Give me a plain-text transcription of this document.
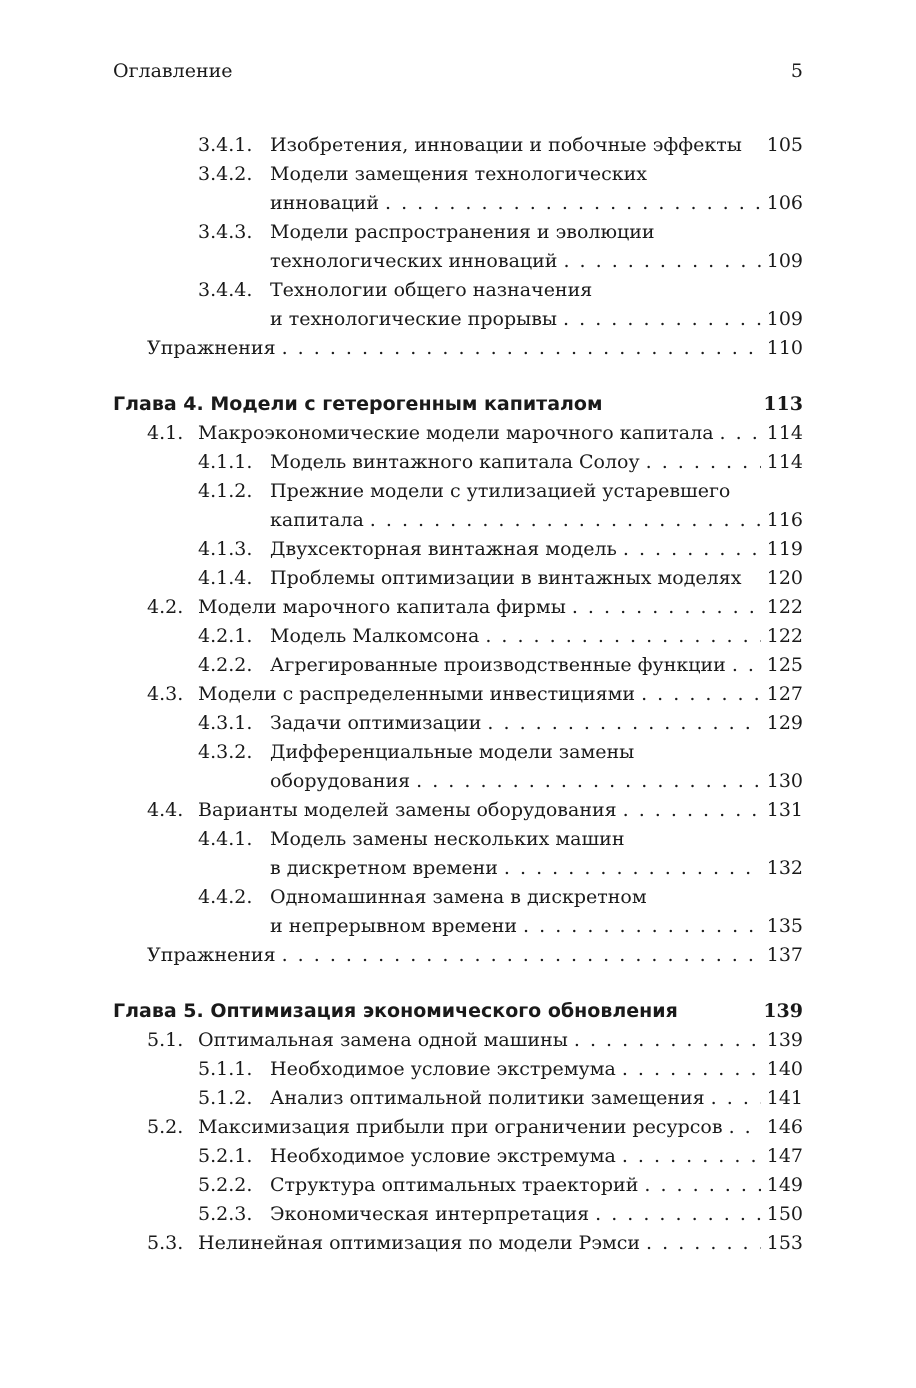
Оглавление	5
3.4.1. Изобретения, инновации и побочные эффекты 105
3.4.2. Модели замещения технологических
инноваций . . .	106
3.4.3. Модели распространения и эволюции
технологических инноваций . . .	109
3.4.4. Технологии общего назначения
и технологические прорывы . . .	109
Упражнения . . .	110
Глава 4. Модели с гетерогенным капиталом	113
4.1. Макроэкономические модели марочного капитала . . .	114
4.1.1. Модель винтажного капитала Солоу . . .	114
4.1.2. Прежние модели с утилизацией устаревшего
капитала . . .	116
4.1.3. Двухсекторная винтажная модель . . .	119
4.1.4. Проблемы оптимизации в винтажных моделях 120
4.2. Модели марочного капитала фирмы . . .	122
4.2.1. Модель Малкомсона . . .	122
4.2.2. Агрегированные производственные функции . . . 125
4.3. Модели с распределенными инвестициями . . .	127
4.3.1. Задачи оптимизации . . .	129
4.3.2. Дифференциальные модели замены
оборудования . . .	130
4.4. Варианты моделей замены оборудования . . .	131
4.4.1. Модель замены нескольких машин
в дискретном времени . . .	132
4.4.2. Одномашинная замена в дискретном
и непрерывном времени . . .	135
Упражнения . . .	137
Глава 5. Оптимизация экономического обновления	139
5.1. Оптимальная замена одной машины . . .	139
5.1.1. Необходимое условие экстремума . . .	140
5.1.2. Анализ оптимальной политики замещения . . .	141
5.2. Максимизация прибыли при ограничении ресурсов . . . 146
5.2.1. Необходимое условие экстремума . . .	147
5.2.2. Структура оптимальных траекторий . . .	149
5.2.3. Экономическая интерпретация . . .	150
5.3. Нелинейная оптимизация по модели Рэмси . . .	153
